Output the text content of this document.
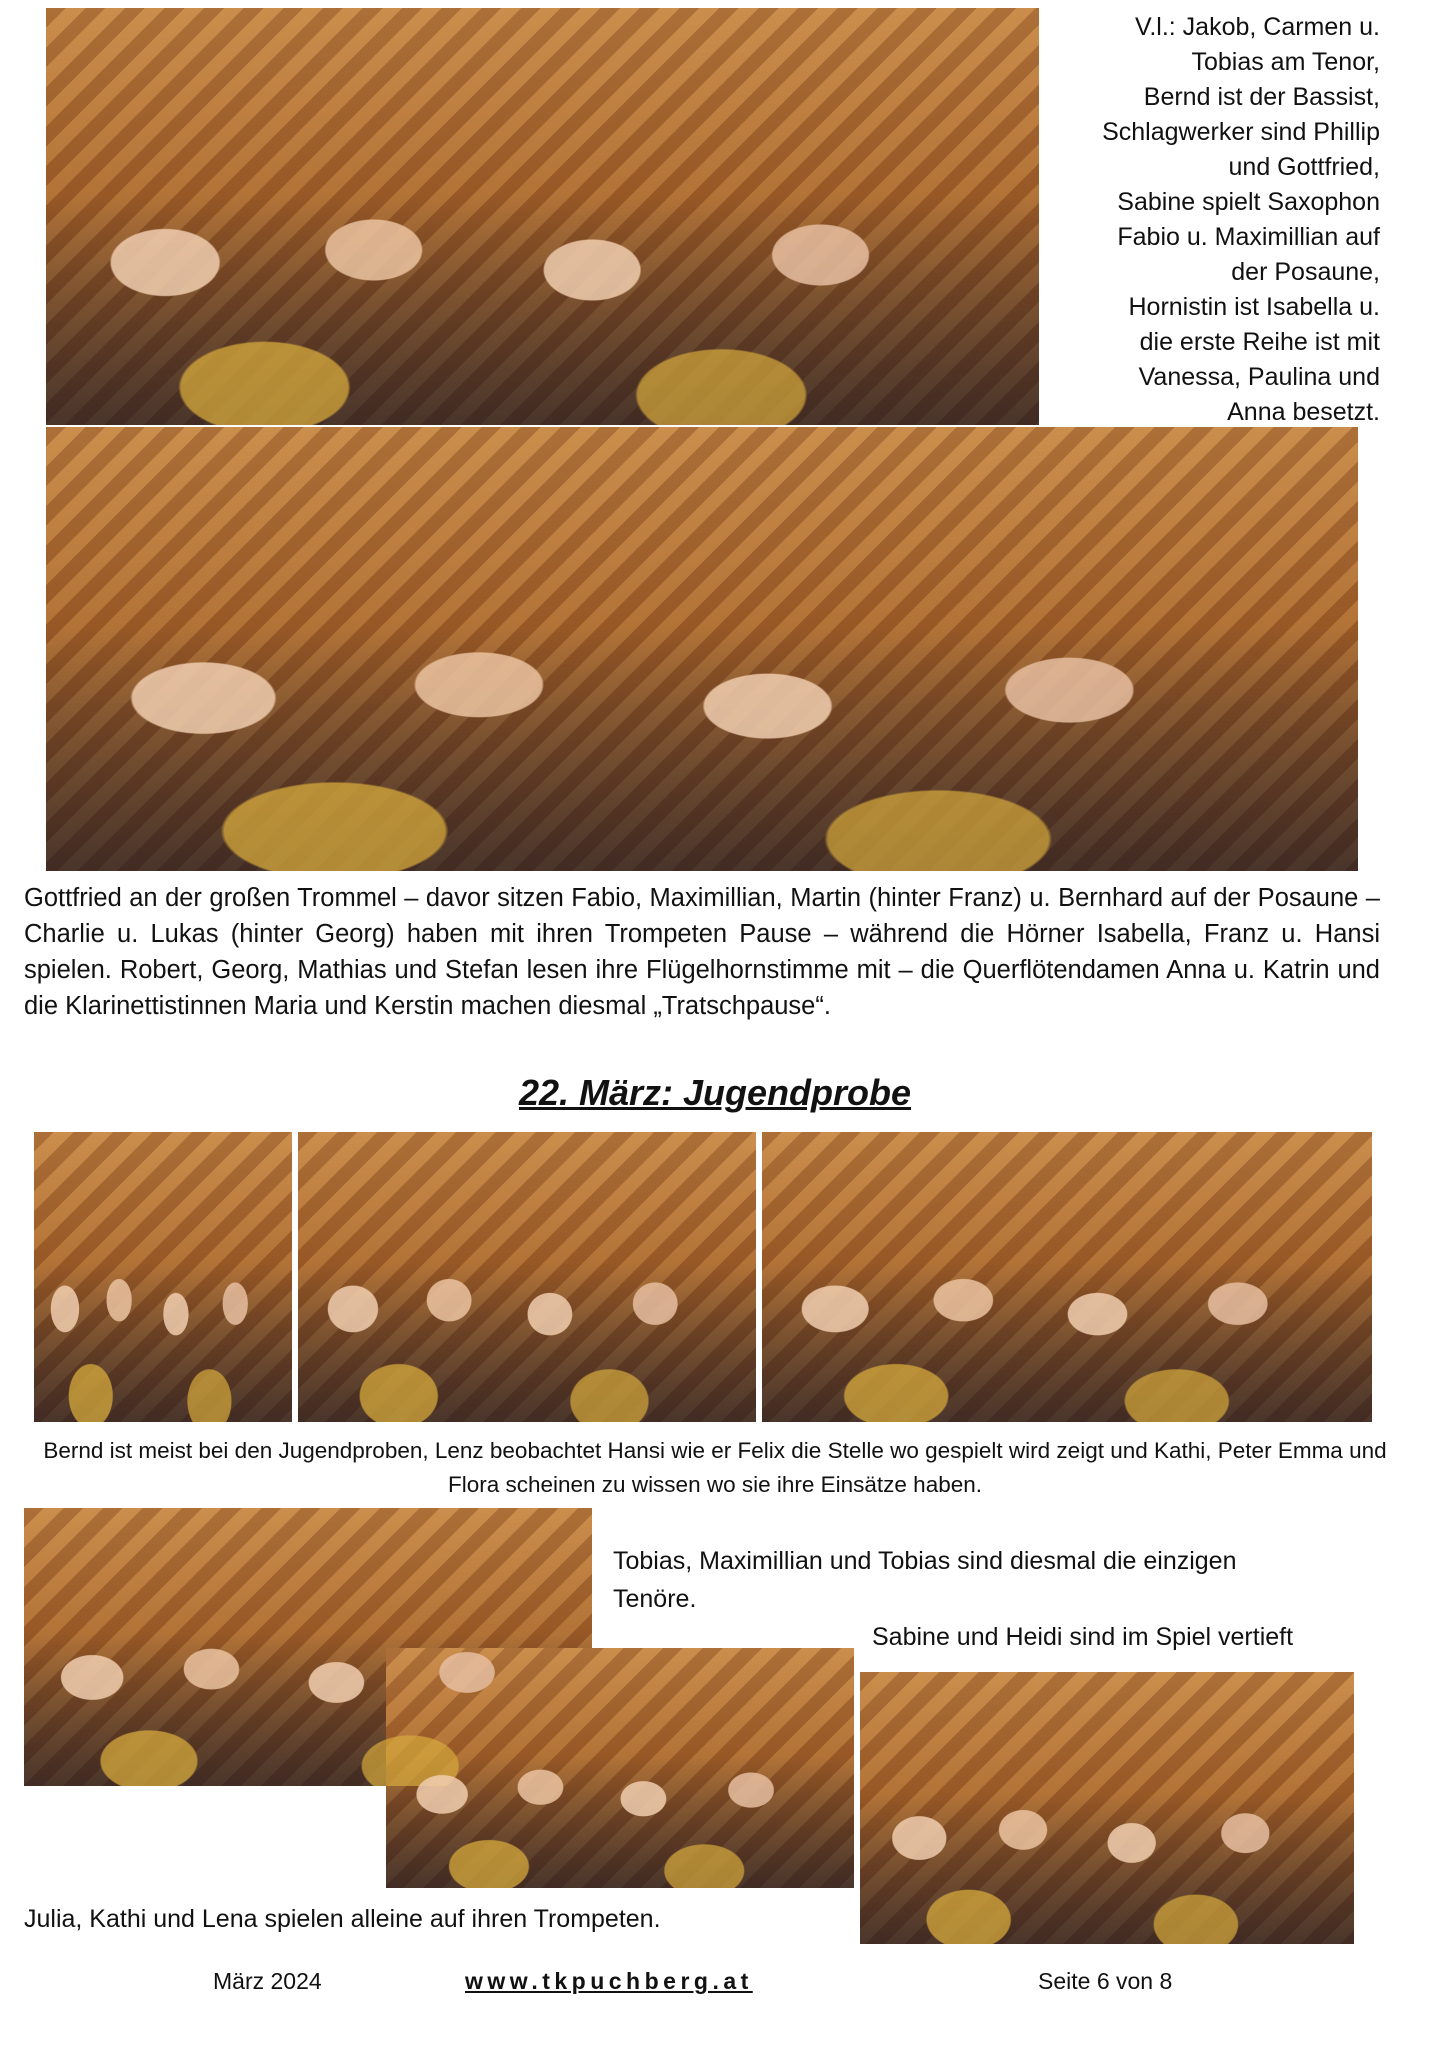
V.l.: Jakob, Carmen u.
Tobias am Tenor,
Bernd ist der Bassist,
Schlagwerker sind Phillip
und Gottfried,
Sabine spielt Saxophon
Fabio u. Maximillian auf
der Posaune,
Hornistin ist Isabella u.
die erste Reihe ist mit
Vanessa, Paulina und
Anna besetzt.
Gottfried an der großen Trommel – davor sitzen Fabio, Maximillian, Martin (hinter Franz) u. Bernhard auf der Posaune – Charlie u. Lukas (hinter Georg) haben mit ihren Trompeten Pause – während die Hörner Isabella, Franz u. Hansi spielen. Robert, Georg, Mathias und Stefan lesen ihre Flügelhornstimme mit – die Querflötendamen Anna u. Katrin und die Klarinettistinnen Maria und Kerstin machen diesmal „Tratschpause“.
22. März: Jugendprobe
Bernd ist meist bei den Jugendproben, Lenz beobachtet Hansi wie er Felix die Stelle wo gespielt wird zeigt und Kathi, Peter Emma und Flora scheinen zu wissen wo sie ihre Einsätze haben.
Tobias, Maximillian und Tobias sind diesmal die einzigen
Tenöre.
Sabine und Heidi sind im Spiel vertieft
Julia, Kathi und Lena spielen alleine auf ihren Trompeten.
März 2024	www.tkpuchberg.at	Seite 6 von 8
